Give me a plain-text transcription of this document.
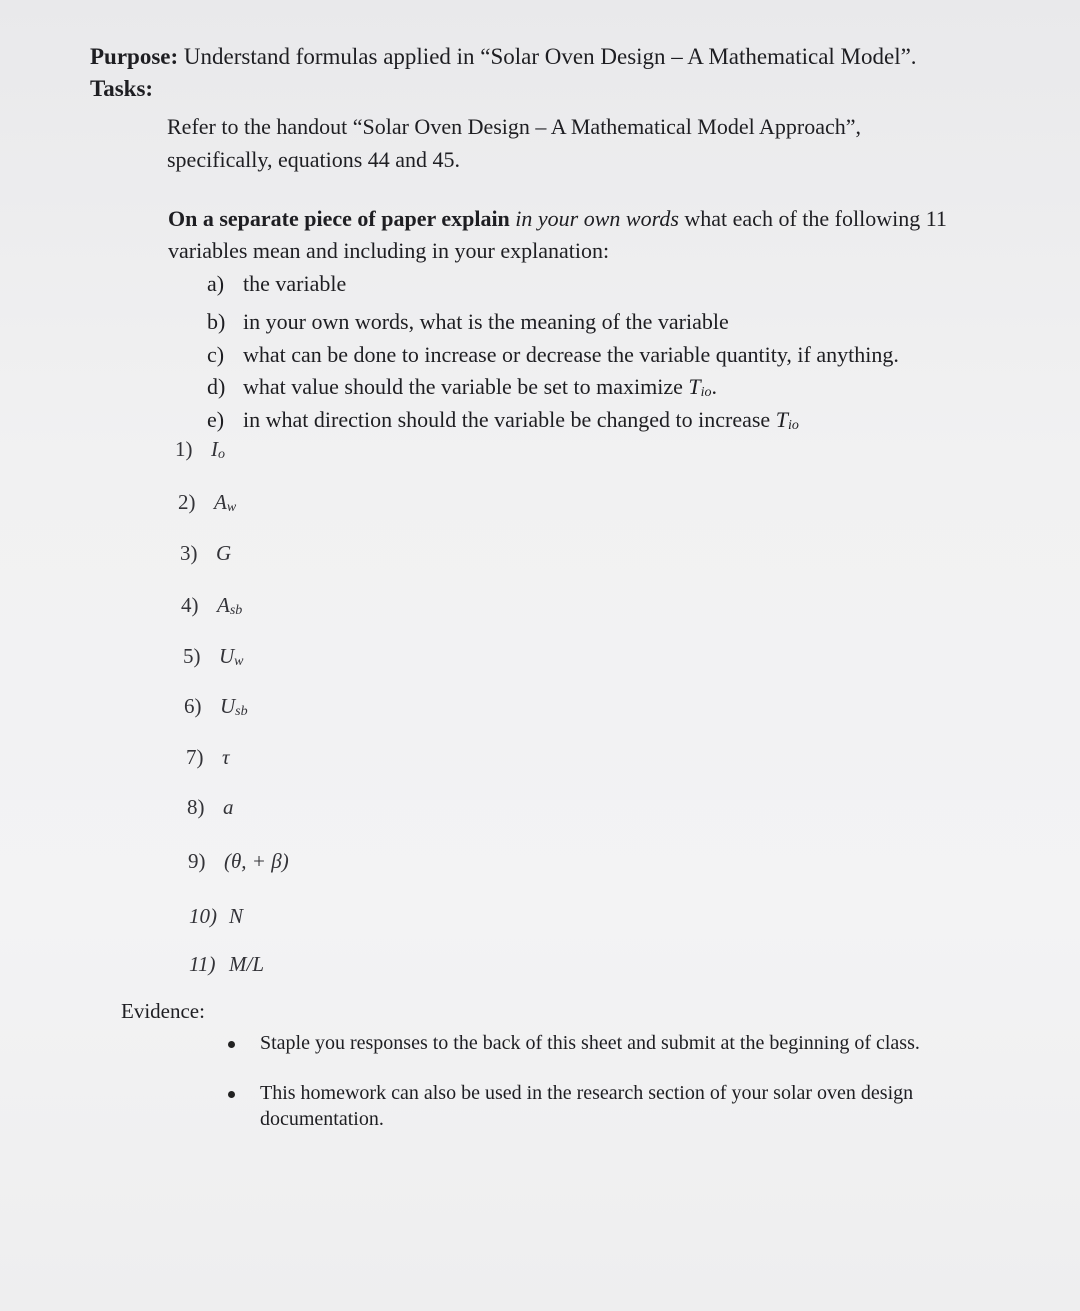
Purpose: Understand formulas applied in “Solar Oven Design – A Mathematical Model”.
Tasks:
Refer to the handout “Solar Oven Design – A Mathematical Model Approach”,
specifically, equations 44 and 45.
On a separate piece of paper explain in your own words what each of the following 11
variables mean and including in your explanation:
a) the variable
b) in your own words, what is the meaning of the variable
c) what can be done to increase or decrease the variable quantity, if anything.
d) what value should the variable be set to maximize Tio.
e) in what direction should the variable be changed to increase Tio
1) Io
2) Aw
3) G
4) Asb
5) Uw
6) Usb
7) τ
8) a
9) (θ, + β)
10) N
11) M/L
Evidence:
Staple you responses to the back of this sheet and submit at the beginning of class.
This homework can also be used in the research section of your solar oven design
documentation.
